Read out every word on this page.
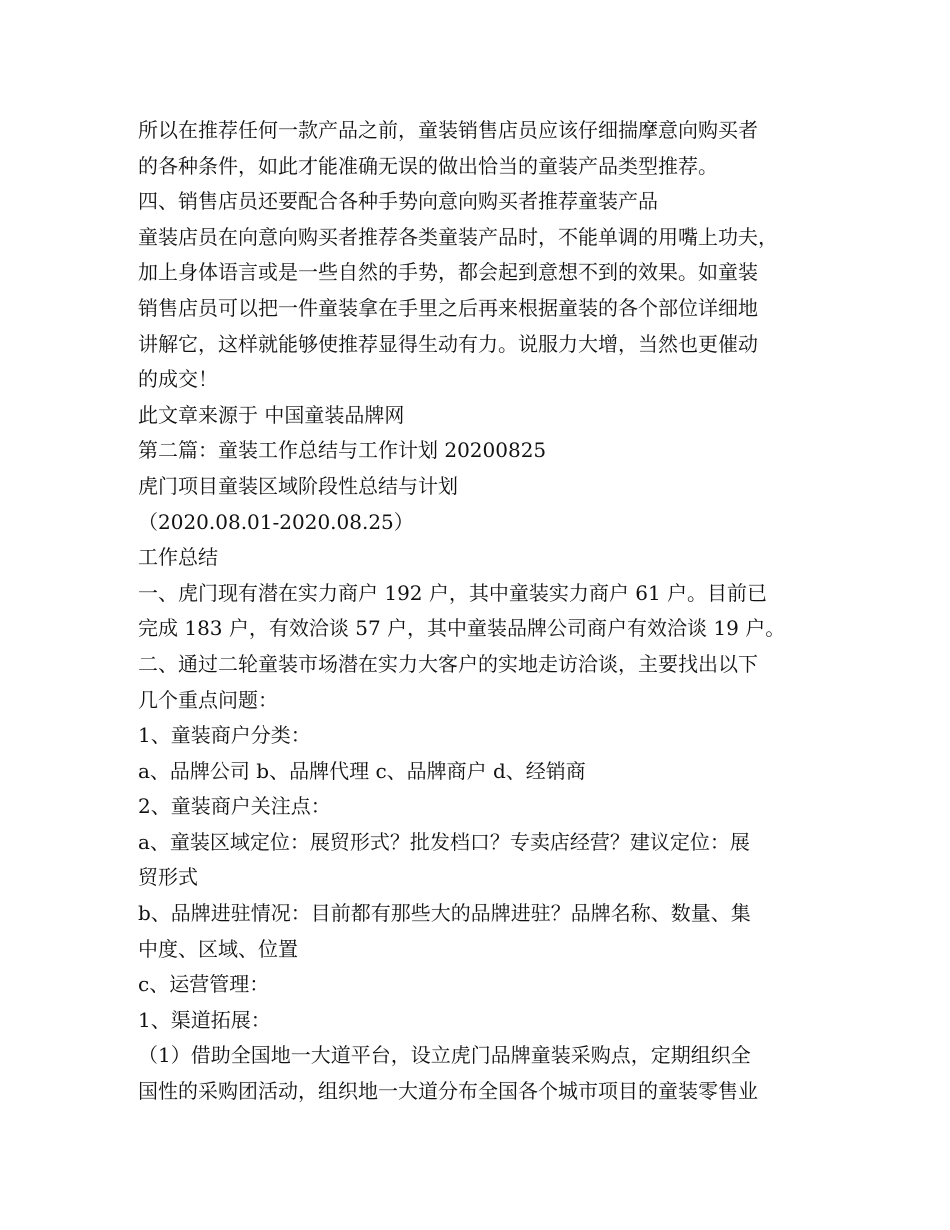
所以在推荐任何一款产品之前，童装销售店员应该仔细揣摩意向购买者
的各种条件，如此才能准确无误的做出恰当的童装产品类型推荐。
四、销售店员还要配合各种手势向意向购买者推荐童装产品
童装店员在向意向购买者推荐各类童装产品时，不能单调的用嘴上功夫，
加上身体语言或是一些自然的手势，都会起到意想不到的效果。如童装
销售店员可以把一件童装拿在手里之后再来根据童装的各个部位详细地
讲解它，这样就能够使推荐显得生动有力。说服力大增，当然也更催动
的成交！
此文章来源于 中国童装品牌网
第二篇：童装工作总结与工作计划 20200825
虎门项目童装区域阶段性总结与计划
（2020.08.01-2020.08.25）
工作总结
一、虎门现有潜在实力商户 192 户，其中童装实力商户 61 户。目前已
完成 183 户，有效洽谈 57 户，其中童装品牌公司商户有效洽谈 19 户。
二、通过二轮童装市场潜在实力大客户的实地走访洽谈，主要找出以下
几个重点问题：
1、童装商户分类：
a、品牌公司 b、品牌代理 c、品牌商户 d、经销商
2、童装商户关注点：
a、童装区域定位：展贸形式？批发档口？专卖店经营？建议定位：展
贸形式
b、品牌进驻情况：目前都有那些大的品牌进驻？品牌名称、数量、集
中度、区域、位置
c、运营管理：
1、渠道拓展：
（1）借助全国地一大道平台，设立虎门品牌童装采购点，定期组织全
国性的采购团活动，组织地一大道分布全国各个城市项目的童装零售业
